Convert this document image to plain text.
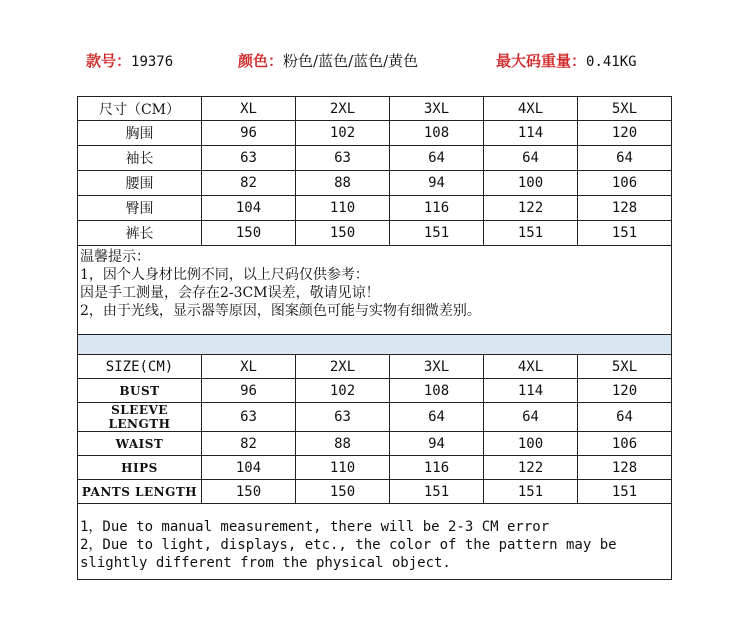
款号：19376	颜色：粉色/蓝色/蓝色/黄色	最大码重量：0.41KG
尺寸（CM）	XL	2XL	3XL	4XL	5XL
胸围	96	102	108	114	120
袖长	63	63	64	64	64
腰围	82	88	94	100	106
臀围	104	110	116	122	128
裤长	150	150	151	151	151

温馨提示：
1，因个人身材比例不同，以上尺码仅供参考：
因是手工测量，会存在2-3CM误差，敬请见谅！
2，由于光线，显示器等原因，图案颜色可能与实物有细微差别。					

SIZE(CM)	XL	2XL	3XL	4XL	5XL
BUST	96	102	108	114	120
SLEEVE LENGTH	63	63	64	64	64
WAIST	82	88	94	100	106
HIPS	104	110	116	122	128
PANTS LENGTH	150	150	151	151	151

1，Due to manual measurement, there will be 2-3 CM error
2，Due to light, displays, etc., the color of the pattern may be
slightly different from the physical object.					
